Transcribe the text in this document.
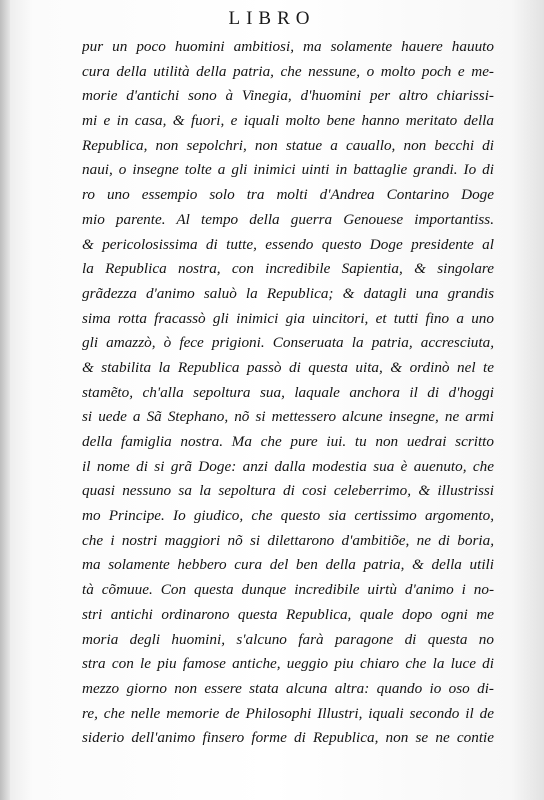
LIBRO
pur un poco huomini ambitiosi, ma solamente hauere hauuto
cura della utilità della patria, che nessune, o molto poch e me-
morie d'antichi sono à Vinegia, d'huomini per altro chiarissi-
mi e in casa, & fuori, e iquali molto bene hanno meritato della
Republica, non sepolchri, non statue a cauallo, non becchi di
naui, o insegne tolte a gli inimici uinti in battaglie grandi. Io di
ro uno essempio solo tra molti d'Andrea Contarino Doge
mio parente. Al tempo della guerra Genouese importantiss.
& pericolosissima di tutte, essendo questo Doge presidente al
la Republica nostra, con incredibile Sapientia, & singolare
grãdezza d'animo saluò la Republica; & datagli una grandis
sima rotta fracassò gli inimici gia uincitori, et tutti fino a uno
gli amazzò, ò fece prigioni. Conseruata la patria, accresciuta,
& stabilita la Republica passò di questa uita, & ordinò nel te
stamẽto, ch'alla sepoltura sua, laquale anchora il di d'hoggi
si uede a Sã Stephano, nõ si mettessero alcune insegne, ne armi
della famiglia nostra. Ma che pure iui. tu non uedrai scritto
il nome di si grã Doge: anzi dalla modestia sua è auenuto, che
quasi nessuno sa la sepoltura di cosi celeberrimo, & illustrissi
mo Principe. Io giudico, che questo sia certissimo argomento,
che i nostri maggiori nõ si dilettarono d'ambitiõe, ne di boria,
ma solamente hebbero cura del ben della patria, & della utili
tà cõmuue. Con questa dunque incredibile uirtù d'animo i no-
stri antichi ordinarono questa Republica, quale dopo ogni me
moria degli huomini, s'alcuno farà paragone di questa no
stra con le piu famose antiche, ueggio piu chiaro che la luce di
mezzo giorno non essere stata alcuna altra: quando io oso di-
re, che nelle memorie de Philosophi Illustri, iquali secondo il de
siderio dell'animo finsero forme di Republica, non se ne contie
